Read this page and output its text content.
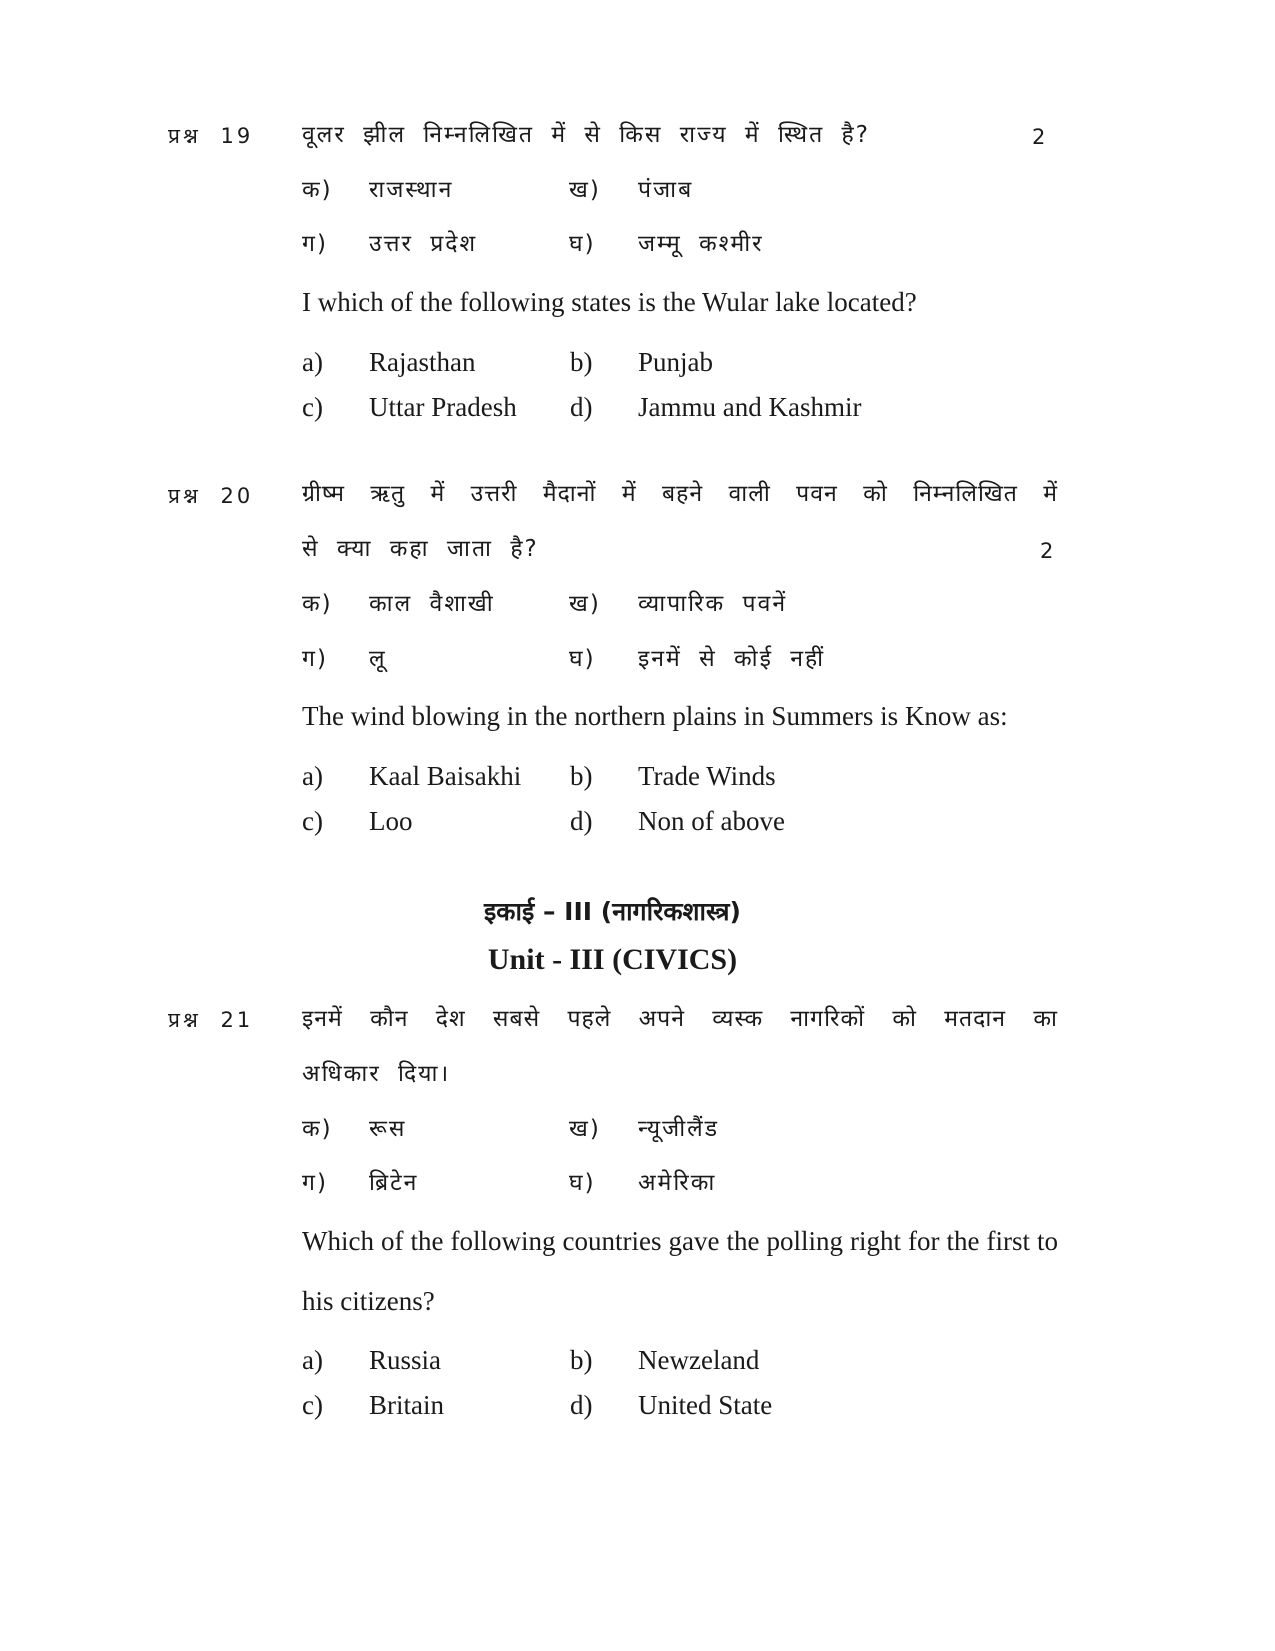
प्रश्न 19 वूलर झील निम्नलिखित में से किस राज्य में स्थित है?	2
क) राजस्थान	ख) पंजाब
ग) उत्तर प्रदेश	घ) जम्मू कश्मीर
I which of the following states is the Wular lake located?
a) Rajasthan	b) Punjab
c) Uttar Pradesh d) Jammu and Kashmir
प्रश्न 20 ग्रीष्म ऋतु में उत्तरी मैदानों में बहने वाली पवन को निम्नलिखित में
से क्या कहा जाता है?	2
क) काल वैशाखी	ख) व्यापारिक पवनें
ग) लू	घ) इनमें से कोई नहीं
The wind blowing in the northern plains in Summers is Know as:
a) Kaal Baisakhi b) Trade Winds
c) Loo	d) Non of above
इकाई – III (नागरिकशास्त्र)
Unit - III (CIVICS)
प्रश्न 21 इनमें कौन देश सबसे पहले अपने व्यस्क नागरिकों को मतदान का
अधिकार दिया।
क) रूस	ख) न्यूजीलैंड
ग) ब्रिटेन	घ) अमेरिका
Which of the following countries gave the polling right for the first to
his citizens?
a) Russia	b) Newzeland
c) Britain	d) United State
